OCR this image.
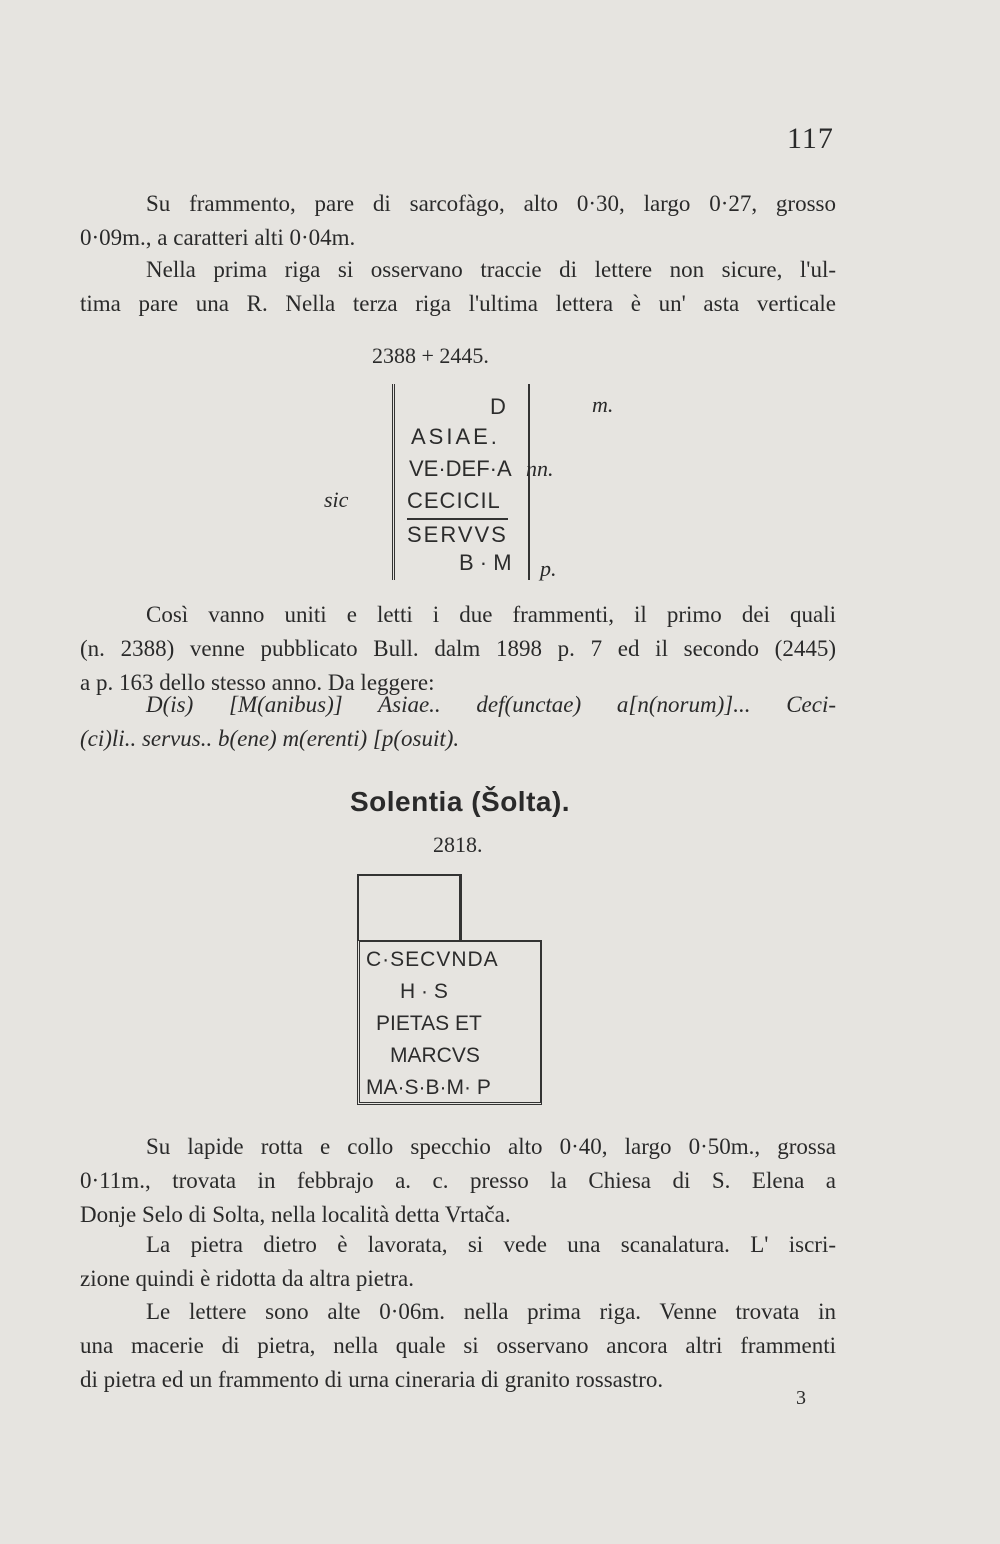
117
Su frammento, pare di sarcofàgo, alto 0·30, largo 0·27, grosso
0·09m., a caratteri alti 0·04m.
Nella prima riga si osservano traccie di lettere non sicure, l'ul-
tima pare una R. Nella terza riga l'ultima lettera è un' asta verticale
2388 + 2445.
D
ASIAE.
VE·DEF·A
CECICIL
SERVVS
B · M
m.
nn.
sic
p.
Così vanno uniti e letti i due frammenti, il primo dei quali
(n. 2388) venne pubblicato Bull. dalm 1898 p. 7 ed il secondo (2445)
a p. 163 dello stesso anno. Da leggere:
D(is) [M(anibus)] Asiae.. def(unctae) a[n(norum)]... Ceci-
(ci)li.. servus.. b(ene) m(erenti) [p(osuit).
Solentia (Šolta).
2818.
C·SECVNDA
H · S
PIETAS ET
MARCVS
MA·S·B·M· P
Su lapide rotta e collo specchio alto 0·40, largo 0·50m., grossa
0·11m., trovata in febbrajo a. c. presso la Chiesa di S. Elena a
Donje Selo di Solta, nella località detta Vrtača.
La pietra dietro è lavorata, si vede una scanalatura. L' iscri-
zione quindi è ridotta da altra pietra.
Le lettere sono alte 0·06m. nella prima riga. Venne trovata in
una macerie di pietra, nella quale si osservano ancora altri frammenti
di pietra ed un frammento di urna cineraria di granito rossastro.
3
